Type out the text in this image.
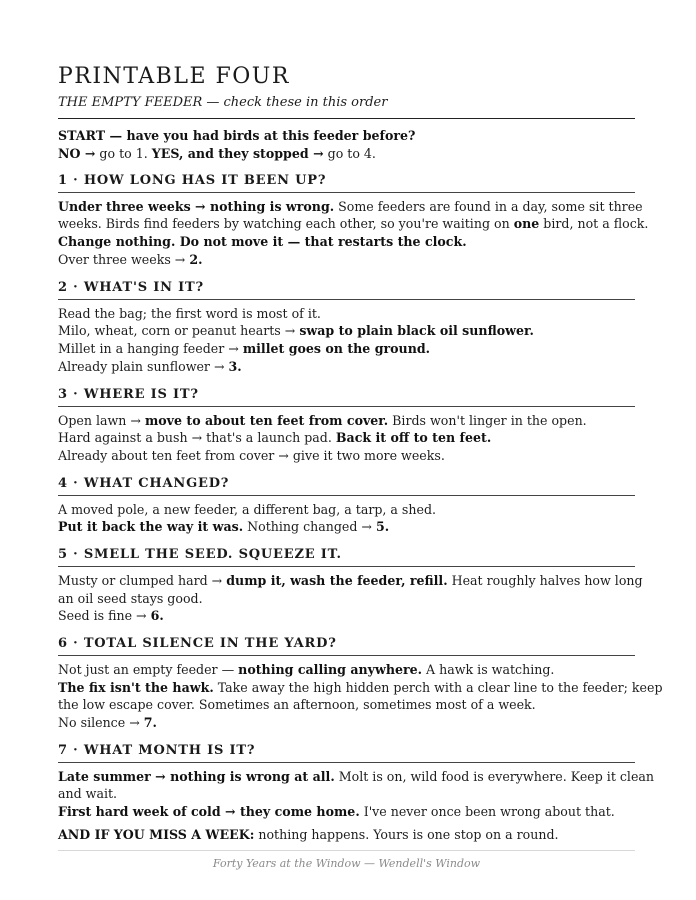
PRINTABLE FOUR
THE EMPTY FEEDER — check these in this order
START — have you had birds at this feeder before?
NO → go to 1. YES, and they stopped → go to 4.
1 · HOW LONG HAS IT BEEN UP?
Under three weeks → nothing is wrong. Some feeders are found in a day, some sit three
weeks. Birds find feeders by watching each other, so you're waiting on one bird, not a flock.
Change nothing. Do not move it — that restarts the clock.
Over three weeks → 2.
2 · WHAT'S IN IT?
Read the bag; the first word is most of it.
Milo, wheat, corn or peanut hearts → swap to plain black oil sunflower.
Millet in a hanging feeder → millet goes on the ground.
Already plain sunflower → 3.
3 · WHERE IS IT?
Open lawn → move to about ten feet from cover. Birds won't linger in the open.
Hard against a bush → that's a launch pad. Back it off to ten feet.
Already about ten feet from cover → give it two more weeks.
4 · WHAT CHANGED?
A moved pole, a new feeder, a different bag, a tarp, a shed.
Put it back the way it was. Nothing changed → 5.
5 · SMELL THE SEED. SQUEEZE IT.
Musty or clumped hard → dump it, wash the feeder, refill. Heat roughly halves how long
an oil seed stays good.
Seed is fine → 6.
6 · TOTAL SILENCE IN THE YARD?
Not just an empty feeder — nothing calling anywhere. A hawk is watching.
The fix isn't the hawk. Take away the high hidden perch with a clear line to the feeder; keep
the low escape cover. Sometimes an afternoon, sometimes most of a week.
No silence → 7.
7 · WHAT MONTH IS IT?
Late summer → nothing is wrong at all. Molt is on, wild food is everywhere. Keep it clean
and wait.
First hard week of cold → they come home. I've never once been wrong about that.
AND IF YOU MISS A WEEK: nothing happens. Yours is one stop on a round.
Forty Years at the Window — Wendell's Window
